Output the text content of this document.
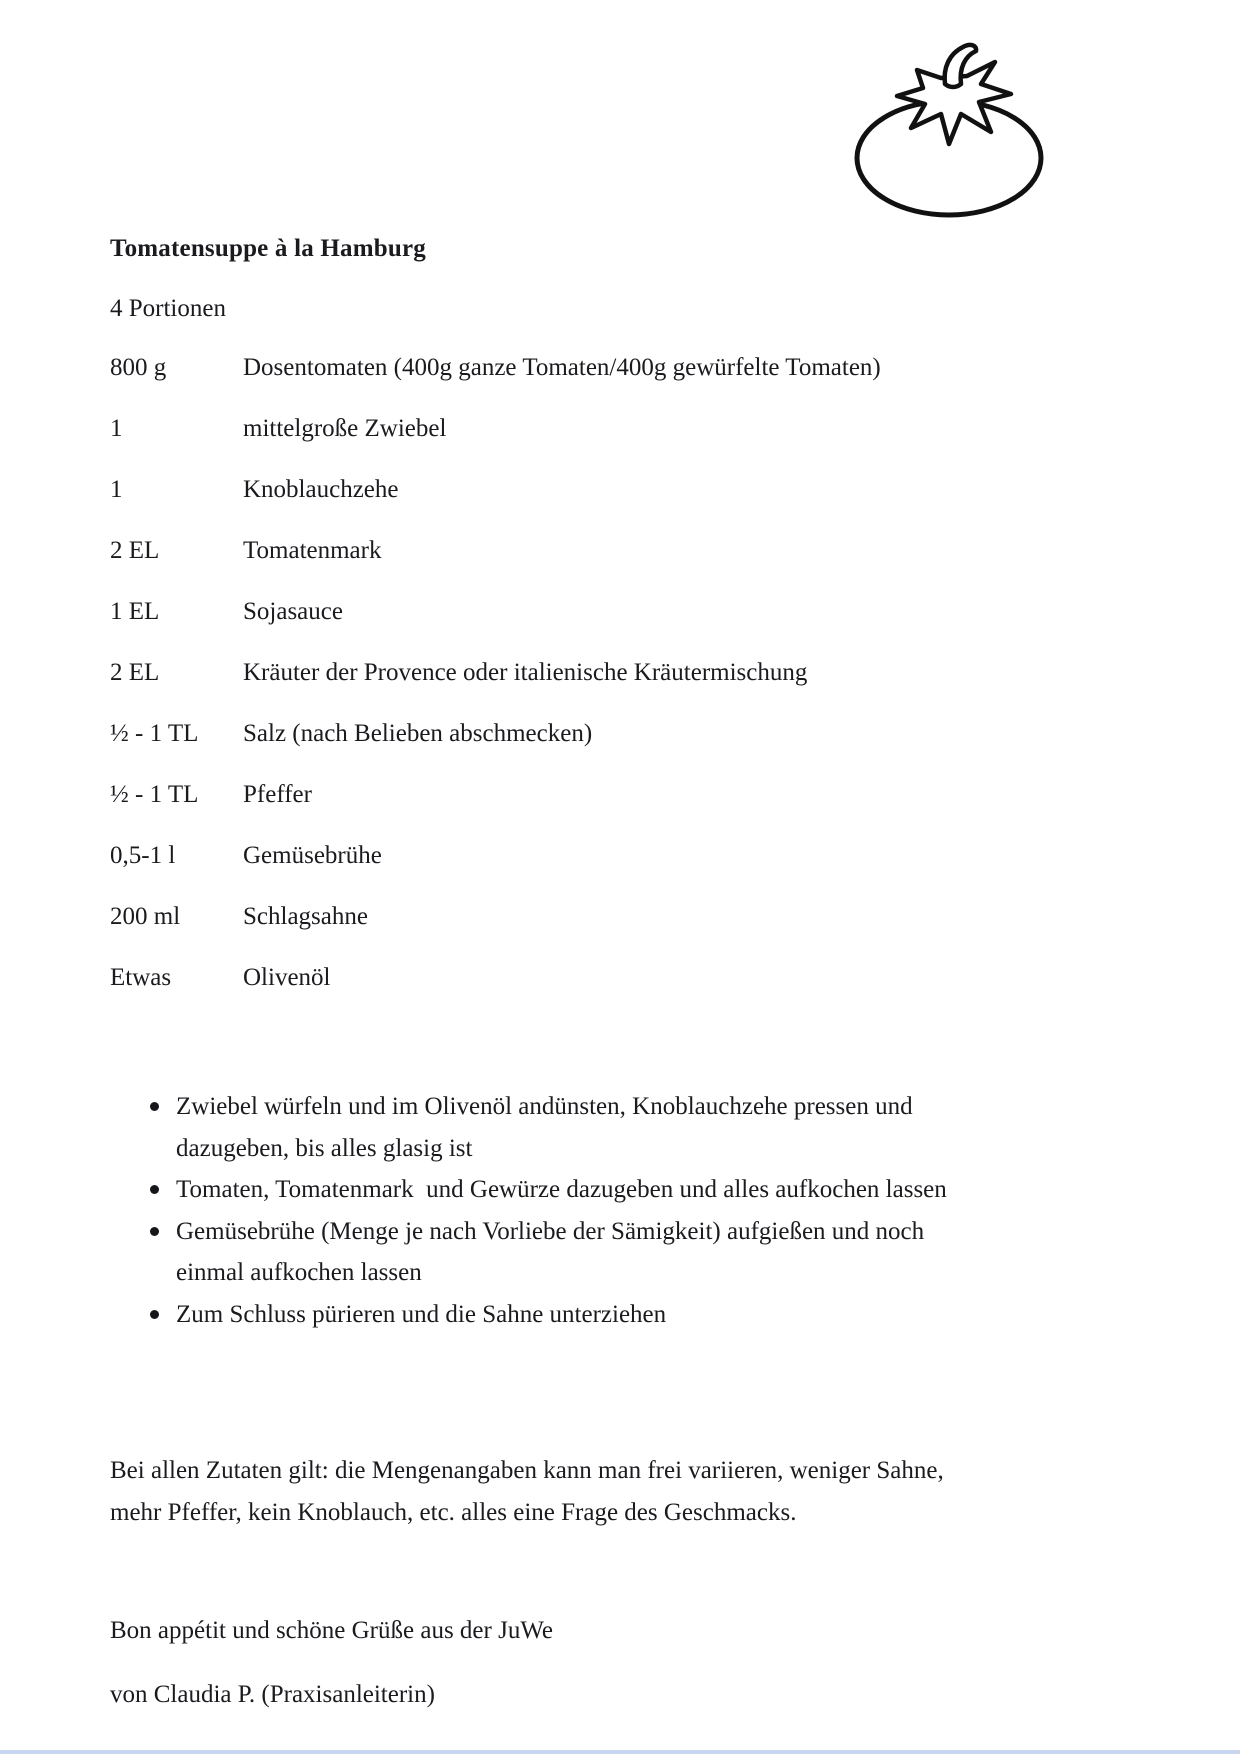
Tomatensuppe à la Hamburg
4 Portionen
800 g	Dosentomaten (400g ganze Tomaten/400g gewürfelte Tomaten)
1	mittelgroße Zwiebel
1	Knoblauchzehe
2 EL	Tomatenmark
1 EL	Sojasauce
2 EL	Kräuter der Provence oder italienische Kräutermischung
½ - 1 TL	Salz (nach Belieben abschmecken)
½ - 1 TL	Pfeffer
0,5-1 l	Gemüsebrühe
200 ml	Schlagsahne
Etwas	Olivenöl
Zwiebel würfeln und im Olivenöl andünsten, Knoblauchzehe pressen und dazugeben, bis alles glasig ist
Tomaten, Tomatenmark  und Gewürze dazugeben und alles aufkochen lassen
Gemüsebrühe (Menge je nach Vorliebe der Sämigkeit) aufgießen und noch einmal aufkochen lassen
Zum Schluss pürieren und die Sahne unterziehen
Bei allen Zutaten gilt: die Mengenangaben kann man frei variieren, weniger Sahne, mehr Pfeffer, kein Knoblauch, etc. alles eine Frage des Geschmacks.
Bon appétit und schöne Grüße aus der JuWe
von Claudia P. (Praxisanleiterin)
